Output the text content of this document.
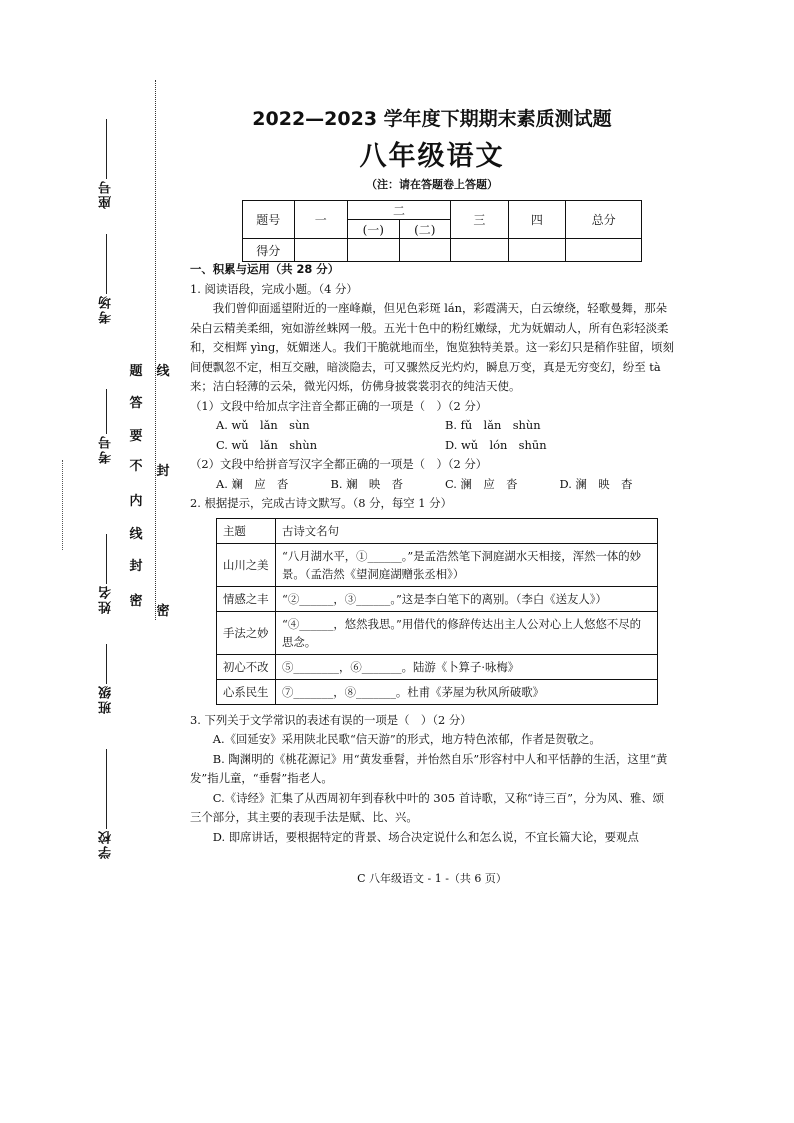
座号
考场
考号
姓名
班级
学校
线
封
密
密
封
线
内
不
要
答
题
2022—2023 学年度下期期末素质测试题
八年级语文
（注：请在答题卷上答题）
题号	一	二		三	四	总分
		(一)	(二)			
得分						
一、积累与运用（共 28 分）

1. 阅读语段，完成小题。（4 分）

我们曾仰面遥望附近的一座峰巅，但见色彩斑 lán，彩霞满天，白云缭绕，轻歌曼舞，那朵朵白云精美柔细，宛如游丝蛛网一般。五光十色中的粉红嫩绿，尤为妩媚动人，所有色彩轻淡柔和，交相辉 yìng，妩媚迷人。我们干脆就地而坐，饱览独特美景。这一彩幻只是稍作驻留，顷刻间便飘忽不定，相互交融，暗淡隐去，可又骤然反光灼灼，瞬息万变，真是无穷变幻，纷至 tà 来；洁白轻薄的云朵，微光闪烁，仿佛身披裳裳羽衣的纯洁天使。

（1）文段中给加点字注音全都正确的一项是（　）（2 分）

A. wǔ　lǎn　sùn	B. fǔ　lǎn　shùn
C. wǔ　lǎn　shùn	D. wǔ　lón　shūn

（2）文段中给拼音写汉字全都正确的一项是（　）（2 分）

A. 斓　应　沓	B. 斓　映　沓	C. 澜　应　沓	D. 澜　映　杳

2. 根据提示，完成古诗文默写。（8 分，每空 1 分）

主题	古诗文名句
山川之美	“八月湖水平，①______。”是孟浩然笔下洞庭湖水天相接，浑然一体的妙景。（孟浩然《望洞庭湖赠张丞相》）
情感之丰	“②______，③______。”这是李白笔下的离别。（李白《送友人》）
手法之妙	“④______，悠然我思。”用借代的修辞传达出主人公对心上人悠悠不尽的思念。
初心不改	⑤________，⑥_______。陆游《卜算子·咏梅》
心系民生	⑦_______，⑧_______。杜甫《茅屋为秋风所破歌》

3. 下列关于文学常识的表述有误的一项是（　）（2 分）

A.《回延安》采用陕北民歌“信天游”的形式，地方特色浓郁，作者是贺敬之。

B. 陶渊明的《桃花源记》用“黄发垂髫，并怡然自乐”形容村中人和平恬静的生活，这里“黄发”指儿童，“垂髫”指老人。

C.《诗经》汇集了从西周初年到春秋中叶的 305 首诗歌，又称“诗三百”，分为风、雅、颂三个部分，其主要的表现手法是赋、比、兴。

D. 即席讲话，要根据特定的背景、场合决定说什么和怎么说，不宜长篇大论，要观点

C 八年级语文 - 1 -（共 6 页）
